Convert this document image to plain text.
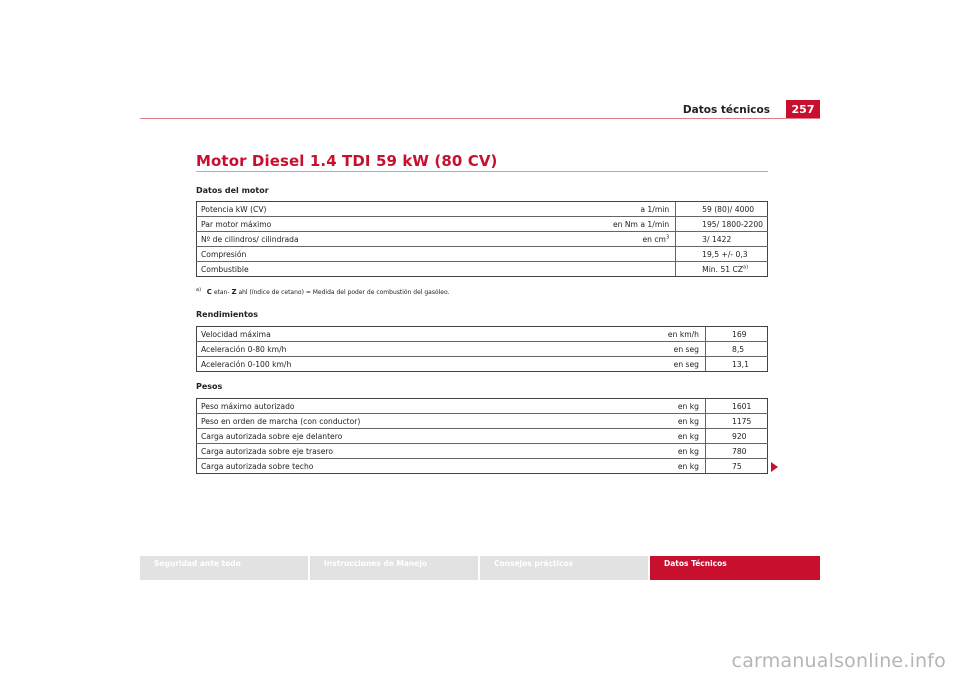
Datos técnicos	257
Motor Diesel 1.4 TDI 59 kW (80 CV)
Datos del motor
Potencia kW (CV)	a 1/min	59 (80)/ 4000
Par motor máximo	en Nm a 1/min	195/ 1800-2200
Nº de cilindros/ cilindrada	en $cm^3$	3/ 1422
Compresión		19,5 +/- 0,3
Combustible		Min. 51 CZ$^{a)}$
$^{a)}$ C etan- Z ahl (índice de cetano) = Medida del poder de combustión del gasóleo.
Rendimientos
Velocidad máxima	en km/h	169
Aceleración 0-80 km/h	en seg	8,5
Aceleración 0-100 km/h	en seg	13,1
Pesos
Peso máximo autorizado	en kg	1601
Peso en orden de marcha (con conductor)	en kg	1175
Carga autorizada sobre eje delantero	en kg	920
Carga autorizada sobre eje trasero	en kg	780
Carga autorizada sobre techo	en kg	75
Seguridad ante todo	Instrucciones de Manejo	Consejos prácticos	Datos Técnicos
carmanualsonline.info
